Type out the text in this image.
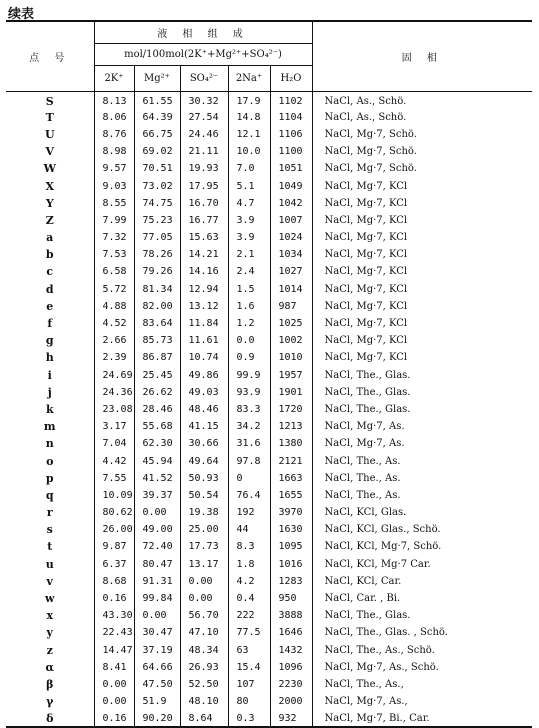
续表
点 号	液 相 组 成					固 相
	mol/100mol(2K⁺+Mg²⁺+SO₄²⁻)					
	2K⁺	Mg²⁺	SO₄²⁻	2Na⁺	H₂O	
S	8.13	61.55	30.32	17.9	1102	NaCl, As., Schö.
T	8.06	64.39	27.54	14.8	1104	NaCl, As., Schö.
U	8.76	66.75	24.46	12.1	1106	NaCl, Mg·7, Schö.
V	8.98	69.02	21.11	10.0	1100	NaCl, Mg·7, Schö.
W	9.57	70.51	19.93	7.0	1051	NaCl, Mg·7, Schö.
X	9.03	73.02	17.95	5.1	1049	NaCl, Mg·7, KCl
Y	8.55	74.75	16.70	4.7	1042	NaCl, Mg·7, KCl
Z	7.99	75.23	16.77	3.9	1007	NaCl, Mg·7, KCl
a	7.32	77.05	15.63	3.9	1024	NaCl, Mg·7, KCl
b	7.53	78.26	14.21	2.1	1034	NaCl, Mg·7, KCl
c	6.58	79.26	14.16	2.4	1027	NaCl, Mg·7, KCl
d	5.72	81.34	12.94	1.5	1014	NaCl, Mg·7, KCl
e	4.88	82.00	13.12	1.6	987	NaCl, Mg·7, KCl
f	4.52	83.64	11.84	1.2	1025	NaCl, Mg·7, KCl
g	2.66	85.73	11.61	0.0	1002	NaCl, Mg·7, KCl
h	2.39	86.87	10.74	0.9	1010	NaCl, Mg·7, KCl
i	24.69	25.45	49.86	99.9	1957	NaCl, The., Glas.
j	24.36	26.62	49.03	93.9	1901	NaCl, The., Glas.
k	23.08	28.46	48.46	83.3	1720	NaCl, The., Glas.
m	3.17	55.68	41.15	34.2	1213	NaCl, Mg·7, As.
n	7.04	62.30	30.66	31.6	1380	NaCl, Mg·7, As.
o	4.42	45.94	49.64	97.8	2121	NaCl, The., As.
p	7.55	41.52	50.93	0	1663	NaCl, The., As.
q	10.09	39.37	50.54	76.4	1655	NaCl, The., As.
r	80.62	0.00	19.38	192	3970	NaCl, KCl, Glas.
s	26.00	49.00	25.00	44	1630	NaCl, KCl, Glas., Schö.
t	9.87	72.40	17.73	8.3	1095	NaCl, KCl, Mg·7, Schö.
u	6.37	80.47	13.17	1.8	1016	NaCl, KCl, Mg·7 Car.
v	8.68	91.31	0.00	4.2	1283	NaCl, KCl, Car.
w	0.16	99.84	0.00	0.4	950	NaCl, Car. , Bi.
x	43.30	0.00	56.70	222	3888	NaCl, The., Glas.
y	22.43	30.47	47.10	77.5	1646	NaCl, The., Glas. , Schö.
z	14.47	37.19	48.34	63	1432	NaCl, The., As., Schö.
α	8.41	64.66	26.93	15.4	1096	NaCl, Mg·7, As., Schö.
β	0.00	47.50	52.50	107	2230	NaCl, The., As.,
γ	0.00	51.9	48.10	80	2000	NaCl, Mg·7, As.,
δ	0.16	90.20	8.64	0.3	932	NaCl, Mg·7, Bi., Car.
